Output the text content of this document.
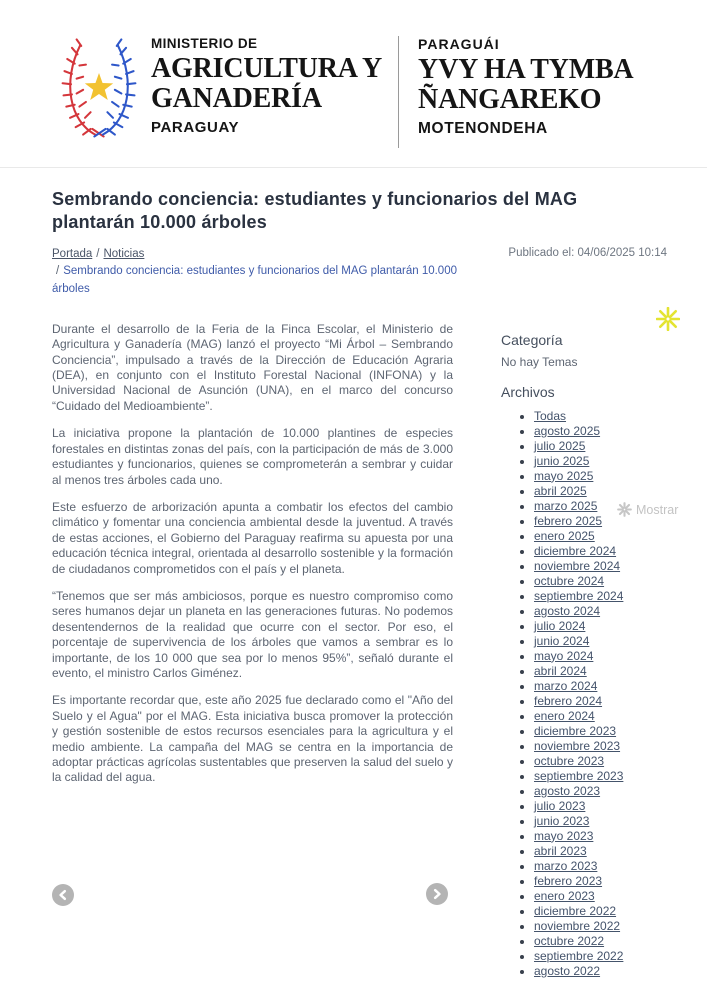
MINISTERIO DE
AGRICULTURA Y
GANADERÍA
PARAGUAY
PARAGUÁI
YVY HA TYMBA
ÑANGAREKO
MOTENONDEHA
Sembrando conciencia: estudiantes y funcionarios del MAG plantarán 10.000 árboles
Portada / Noticias
/ Sembrando conciencia: estudiantes y funcionarios del MAG plantarán 10.000 árboles
Publicado el: 04/06/2025 10:14

Durante el desarrollo de la Feria de la Finca Escolar, el Ministerio de Agricultura y Ganadería (MAG) lanzó el proyecto “Mi Árbol – Sembrando Conciencia”, impulsado a través de la Dirección de Educación Agraria (DEA), en conjunto con el Instituto Forestal Nacional (INFONA) y la Universidad Nacional de Asunción (UNA), en el marco del concurso “Cuidado del Medioambiente”.

La iniciativa propone la plantación de 10.000 plantines de especies forestales en distintas zonas del país, con la participación de más de 3.000 estudiantes y funcionarios, quienes se comprometerán a sembrar y cuidar al menos tres árboles cada uno.

Este esfuerzo de arborización apunta a combatir los efectos del cambio climático y fomentar una conciencia ambiental desde la juventud. A través de estas acciones, el Gobierno del Paraguay reafirma su apuesta por una educación técnica integral, orientada al desarrollo sostenible y la formación de ciudadanos comprometidos con el país y el planeta.

“Tenemos que ser más ambiciosos, porque es nuestro compromiso como seres humanos dejar un planeta en las generaciones futuras. No podemos desentendernos de la realidad que ocurre con el sector. Por eso, el porcentaje de supervivencia de los árboles que vamos a sembrar es lo importante, de los 10 000 que sea por lo menos 95%”, señaló durante el evento, el ministro Carlos Giménez.

Es importante recordar que, este año 2025 fue declarado como el "Año del Suelo y el Agua" por el MAG. Esta iniciativa busca promover la protección y gestión sostenible de estos recursos esenciales para la agricultura y el medio ambiente. La campaña del MAG se centra en la importancia de adoptar prácticas agrícolas sustentables que preserven la salud del suelo y la calidad del agua.

Categoría
No hay Temas
Archivos
• Todas
• agosto 2025
• julio 2025
• junio 2025
• mayo 2025
• abril 2025
• marzo 2025
• febrero 2025
• enero 2025
• diciembre 2024
• noviembre 2024
• octubre 2024
• septiembre 2024
• agosto 2024
• julio 2024
• junio 2024
• mayo 2024
• abril 2024
• marzo 2024
• febrero 2024
• enero 2024
• diciembre 2023
• noviembre 2023
• octubre 2023
• septiembre 2023
• agosto 2023
• julio 2023
• junio 2023
• mayo 2023
• abril 2023
• marzo 2023
• febrero 2023
• enero 2023
• diciembre 2022
• noviembre 2022
• octubre 2022
• septiembre 2022
• agosto 2022
Mostrar
